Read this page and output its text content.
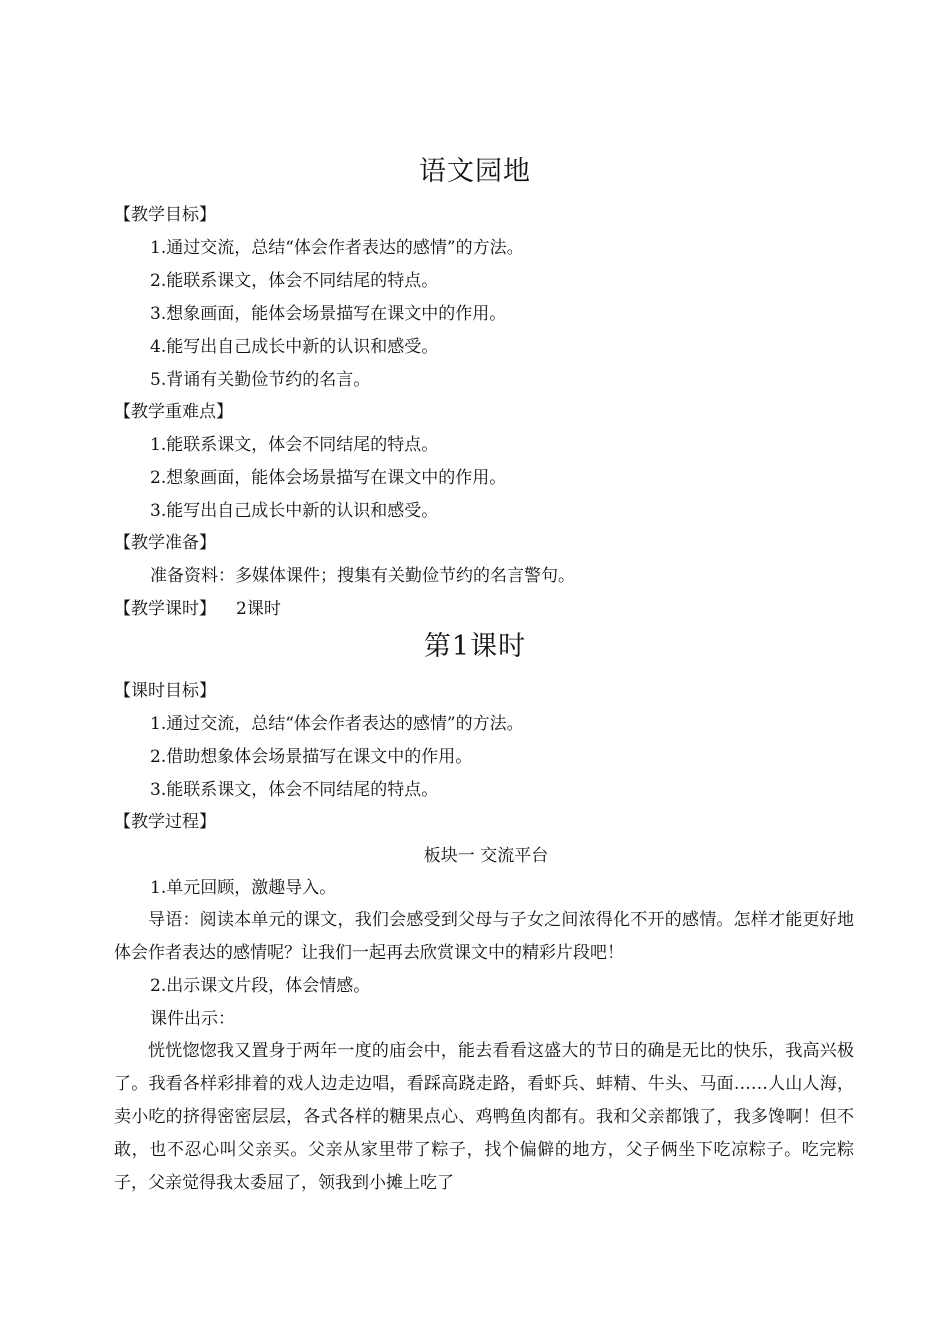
语文园地
【教学目标】
1.通过交流，总结“体会作者表达的感情”的方法。
2.能联系课文，体会不同结尾的特点。
3.想象画面，能体会场景描写在课文中的作用。
4.能写出自己成长中新的认识和感受。
5.背诵有关勤俭节约的名言。
【教学重难点】
1.能联系课文，体会不同结尾的特点。
2.想象画面，能体会场景描写在课文中的作用。
3.能写出自己成长中新的认识和感受。
【教学准备】
准备资料：多媒体课件；搜集有关勤俭节约的名言警句。
【教学课时】 2课时
第1课时
【课时目标】
1.通过交流，总结“体会作者表达的感情”的方法。
2.借助想象体会场景描写在课文中的作用。
3.能联系课文，体会不同结尾的特点。
【教学过程】
板块一 交流平台
1.单元回顾，激趣导入。
导语：阅读本单元的课文，我们会感受到父母与子女之间浓得化不开的感情。怎样才能更好地体会作者表达的感情呢？让我们一起再去欣赏课文中的精彩片段吧！
2.出示课文片段，体会情感。
课件出示：
恍恍惚惚我又置身于两年一度的庙会中，能去看看这盛大的节日的确是无比的快乐，我高兴极了。我看各样彩排着的戏人边走边唱，看踩高跷走路，看虾兵、蚌精、牛头、马面……人山人海，卖小吃的挤得密密层层，各式各样的糖果点心、鸡鸭鱼肉都有。我和父亲都饿了，我多馋啊！但不敢，也不忍心叫父亲买。父亲从家里带了粽子，找个偏僻的地方，父子俩坐下吃凉粽子。吃完粽子，父亲觉得我太委屈了，领我到小摊上吃了
